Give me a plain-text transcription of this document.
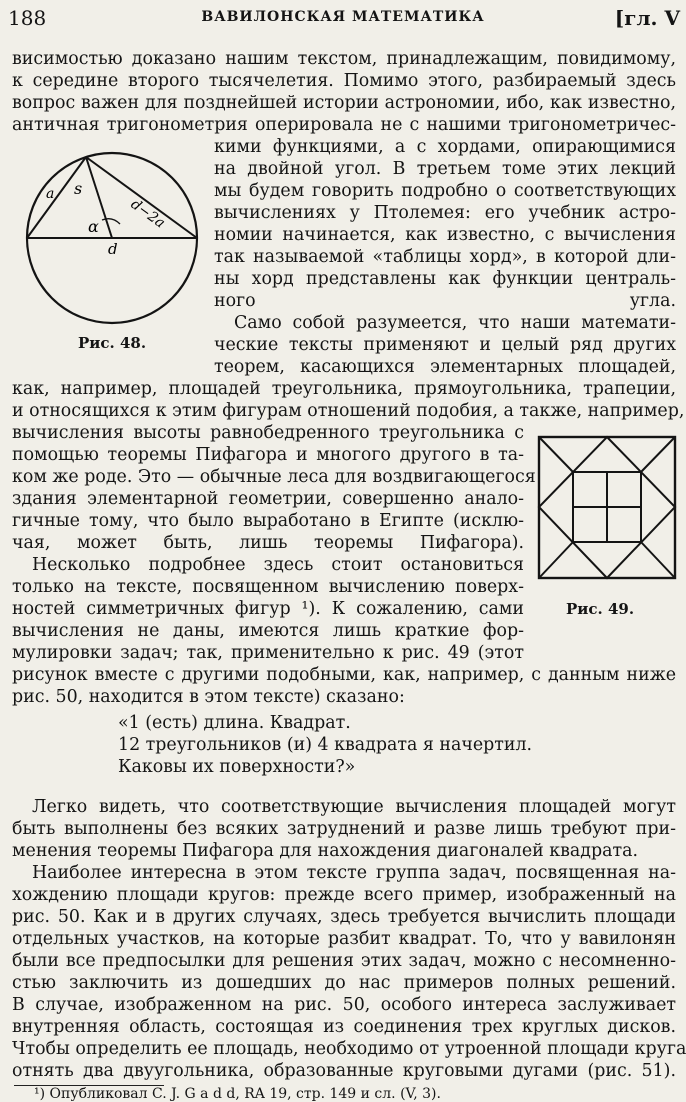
188	ВАВИЛОНСКАЯ МАТЕМАТИКА	[гл. V
висимостью доказано нашим текстом, принадлежащим, повидимому,
к середине второго тысячелетия. Помимо этого, разбираемый здесь
вопрос важен для позднейшей истории астрономии, ибо, как известно,
античная тригонометрия оперировала не с нашими тригонометричес-
кими функциями, а с хордами, опирающимися
на двойной угол. В третьем томе этих лекций
мы будем говорить подробно о соответствующих
вычислениях у Птолемея: его учебник астро-
номии начинается, как известно, с вычисления
так называемой «таблицы хорд», в которой дли-
ны хорд представлены как функции централь-
ного угла.
a s
d−2a
α
d
Рис. 48.
Само собой разумеется, что наши математи-
ческие тексты применяют и целый ряд других
теорем, касающихся элементарных площадей,
как, например, площадей треугольника, прямоугольника, трапеции,
и относящихся к этим фигурам отношений подобия, а также, например,
вычисления высоты равнобедренного треугольника с
помощью теоремы Пифагора и многого другого в та-
ком же роде. Это — обычные леса для воздвигающегося
здания элементарной геометрии, совершенно анало-
гичные тому, что было выработано в Египте (исклю-
чая, может быть, лишь теоремы Пифагора).
Рис. 49.
Несколько подробнее здесь стоит остановиться
только на тексте, посвященном вычислению поверх-
ностей симметричных фигур ¹). К сожалению, сами
вычисления не даны, имеются лишь краткие фор-
мулировки задач; так, применительно к рис. 49 (этот
рисунок вместе с другими подобными, как, например, с данным ниже
рис. 50, находится в этом тексте) сказано:
«1 (есть) длина. Квадрат.
12 треугольников (и) 4 квадрата я начертил.
Каковы их поверхности?»
Легко видеть, что соответствующие вычисления площадей могут
быть выполнены без всяких затруднений и разве лишь требуют при-
менения теоремы Пифагора для нахождения диагоналей квадрата.
Наиболее интересна в этом тексте группа задач, посвященная на-
хождению площади кругов: прежде всего пример, изображенный на
рис. 50. Как и в других случаях, здесь требуется вычислить площади
отдельных участков, на которые разбит квадрат. То, что у вавилонян
были все предпосылки для решения этих задач, можно с несомненно-
стью заключить из дошедших до нас примеров полных решений.
В случае, изображенном на рис. 50, особого интереса заслуживает
внутренняя область, состоящая из соединения трех круглых дисков.
Чтобы определить ее площадь, необходимо от утроенной площади круга
отнять два двуугольника, образованные круговыми дугами (рис. 51).
¹) Опубликовал C. J. G a d d, RA 19, стр. 149 и сл. (V, 3).
